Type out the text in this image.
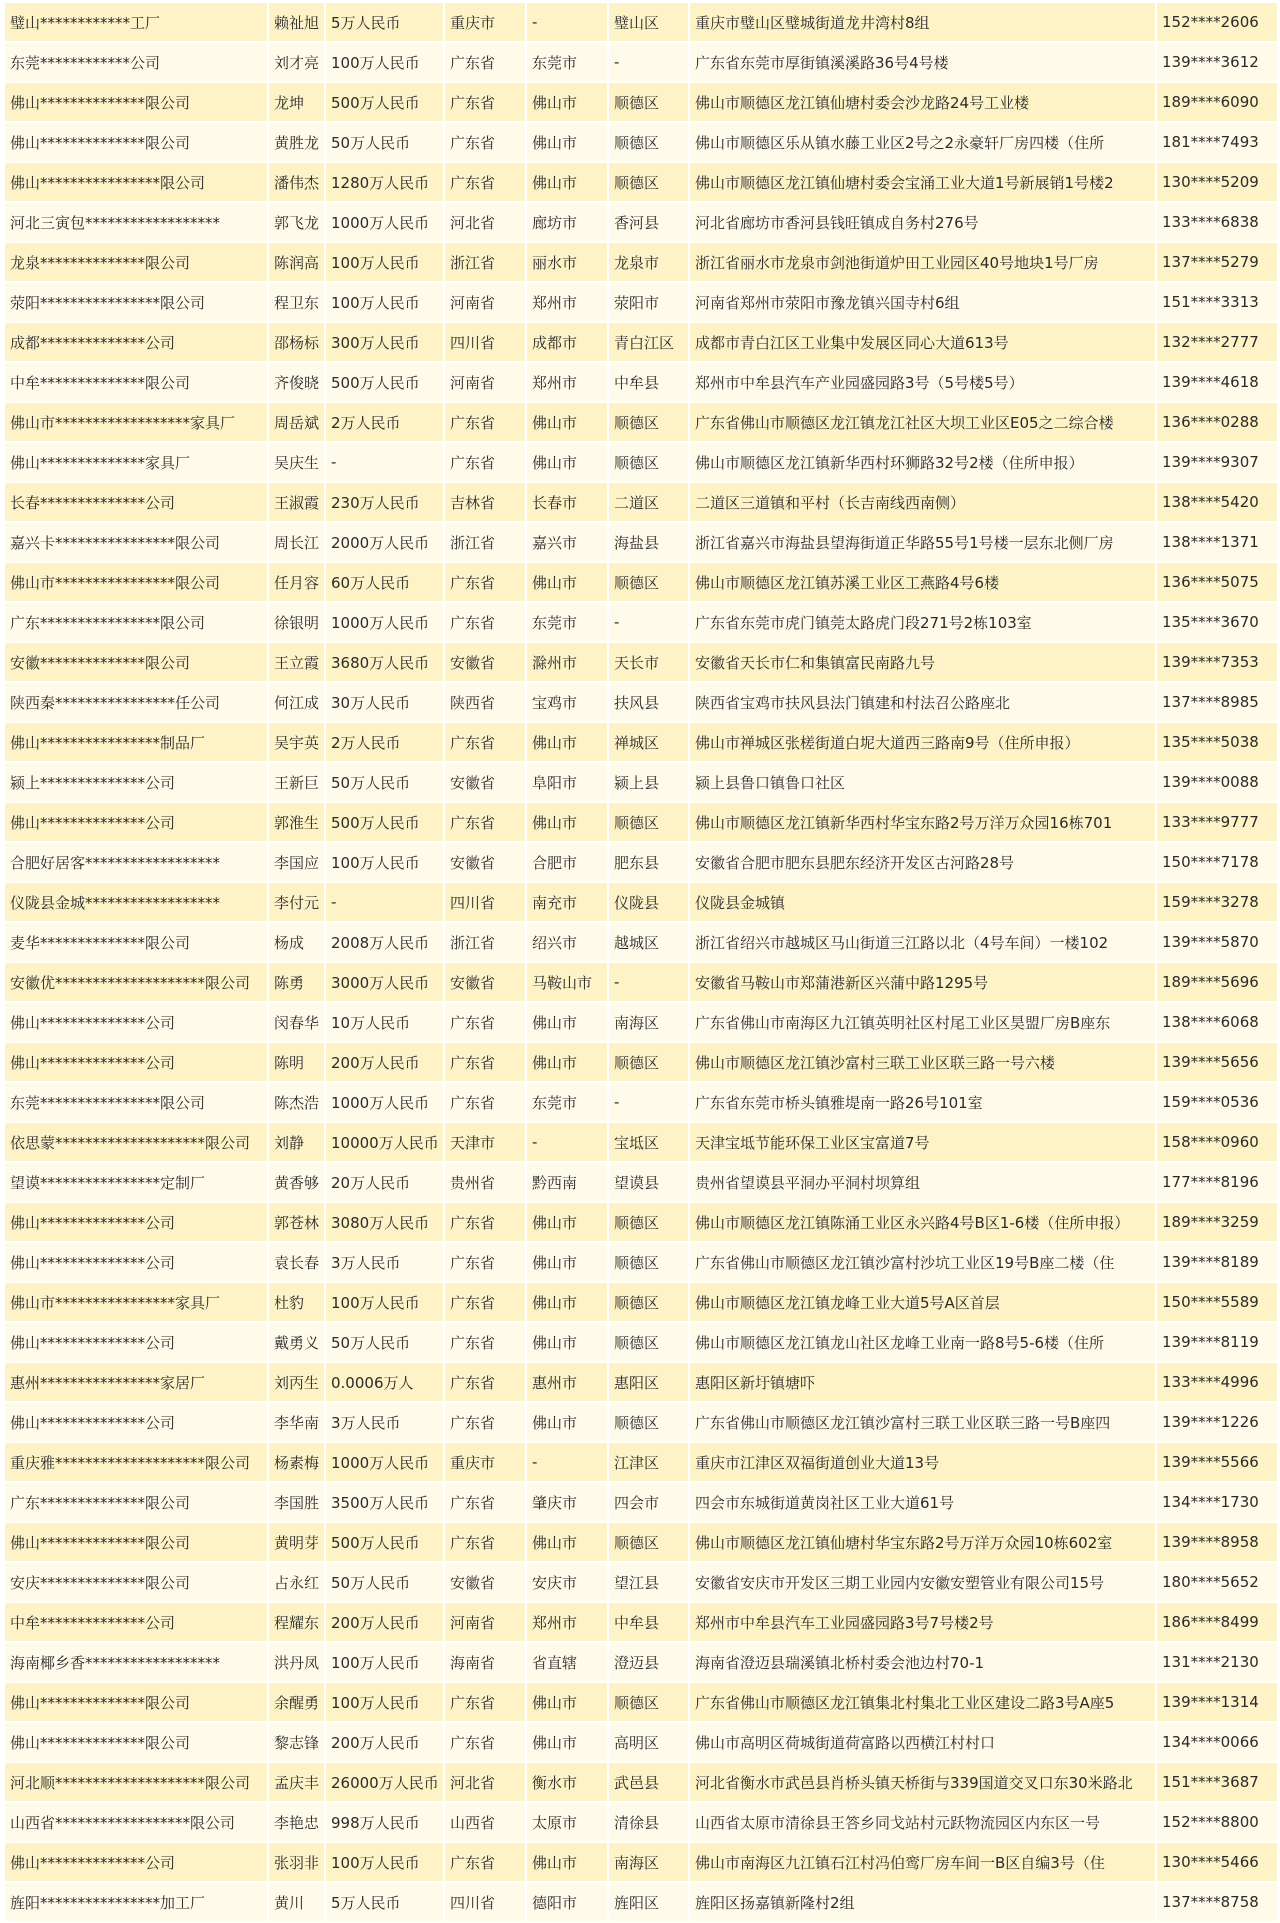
璧山************工厂	赖祉旭	5万人民币	重庆市	-	璧山区	重庆市璧山区璧城街道龙井湾村8组	152****2606
东莞************公司	刘才亮	100万人民币	广东省	东莞市	-	广东省东莞市厚街镇溪溪路36号4号楼	139****3612
佛山**************限公司	龙坤	500万人民币	广东省	佛山市	顺德区	佛山市顺德区龙江镇仙塘村委会沙龙路24号工业楼	189****6090
佛山**************限公司	黄胜龙	50万人民币	广东省	佛山市	顺德区	佛山市顺德区乐从镇水藤工业区2号之2永豪轩厂房四楼（住所	181****7493
佛山****************限公司	潘伟杰	1280万人民币	广东省	佛山市	顺德区	佛山市顺德区龙江镇仙塘村委会宝涌工业大道1号新展销1号楼2	130****5209
河北三寅包******************	郭飞龙	1000万人民币	河北省	廊坊市	香河县	河北省廊坊市香河县钱旺镇成自务村276号	133****6838
龙泉**************限公司	陈润高	100万人民币	浙江省	丽水市	龙泉市	浙江省丽水市龙泉市剑池街道炉田工业园区40号地块1号厂房	137****5279
荥阳****************限公司	程卫东	100万人民币	河南省	郑州市	荥阳市	河南省郑州市荥阳市豫龙镇兴国寺村6组	151****3313
成都**************公司	邵杨标	300万人民币	四川省	成都市	青白江区	成都市青白江区工业集中发展区同心大道613号	132****2777
中牟**************限公司	齐俊晓	500万人民币	河南省	郑州市	中牟县	郑州市中牟县汽车产业园盛园路3号（5号楼5号）	139****4618
佛山市******************家具厂	周岳斌	2万人民币	广东省	佛山市	顺德区	广东省佛山市顺德区龙江镇龙江社区大坝工业区E05之二综合楼	136****0288
佛山**************家具厂	吴庆生	-	广东省	佛山市	顺德区	佛山市顺德区龙江镇新华西村环狮路32号2楼（住所申报）	139****9307
长春**************公司	王淑霞	230万人民币	吉林省	长春市	二道区	二道区三道镇和平村（长吉南线西南侧）	138****5420
嘉兴卡****************限公司	周长江	2000万人民币	浙江省	嘉兴市	海盐县	浙江省嘉兴市海盐县望海街道正华路55号1号楼一层东北侧厂房	138****1371
佛山市****************限公司	任月容	60万人民币	广东省	佛山市	顺德区	佛山市顺德区龙江镇苏溪工业区工燕路4号6楼	136****5075
广东****************限公司	徐银明	1000万人民币	广东省	东莞市	-	广东省东莞市虎门镇莞太路虎门段271号2栋103室	135****3670
安徽**************限公司	王立霞	3680万人民币	安徽省	滁州市	天长市	安徽省天长市仁和集镇富民南路九号	139****7353
陕西秦****************任公司	何江成	30万人民币	陕西省	宝鸡市	扶风县	陕西省宝鸡市扶风县法门镇建和村法召公路座北	137****8985
佛山****************制品厂	吴宇英	2万人民币	广东省	佛山市	禅城区	佛山市禅城区张槎街道白坭大道西三路南9号（住所申报）	135****5038
颍上**************公司	王新巨	50万人民币	安徽省	阜阳市	颍上县	颍上县鲁口镇鲁口社区	139****0088
佛山**************公司	郭淮生	500万人民币	广东省	佛山市	顺德区	佛山市顺德区龙江镇新华西村华宝东路2号万洋万众园16栋701	133****9777
合肥好居客******************	李国应	100万人民币	安徽省	合肥市	肥东县	安徽省合肥市肥东县肥东经济开发区古河路28号	150****7178
仪陇县金城******************	李付元	-	四川省	南充市	仪陇县	仪陇县金城镇	159****3278
麦华**************限公司	杨成	2008万人民币	浙江省	绍兴市	越城区	浙江省绍兴市越城区马山街道三江路以北（4号车间）一楼102	139****5870
安徽优********************限公司	陈勇	3000万人民币	安徽省	马鞍山市	-	安徽省马鞍山市郑蒲港新区兴蒲中路1295号	189****5696
佛山**************公司	闵春华	10万人民币	广东省	佛山市	南海区	广东省佛山市南海区九江镇英明社区村尾工业区昊盟厂房B座东	138****6068
佛山**************公司	陈明	200万人民币	广东省	佛山市	顺德区	佛山市顺德区龙江镇沙富村三联工业区联三路一号六楼	139****5656
东莞****************限公司	陈杰浩	1000万人民币	广东省	东莞市	-	广东省东莞市桥头镇雅堤南一路26号101室	159****0536
依思蒙********************限公司	刘静	10000万人民币	天津市	-	宝坻区	天津宝坻节能环保工业区宝富道7号	158****0960
望谟****************定制厂	黄香够	20万人民币	贵州省	黔西南	望谟县	贵州省望谟县平洞办平洞村坝算组	177****8196
佛山**************公司	郭苍林	3080万人民币	广东省	佛山市	顺德区	佛山市顺德区龙江镇陈涌工业区永兴路4号B区1-6楼（住所申报）	189****3259
佛山**************公司	袁长春	3万人民币	广东省	佛山市	顺德区	广东省佛山市顺德区龙江镇沙富村沙坑工业区19号B座二楼（住	139****8189
佛山市****************家具厂	杜豹	100万人民币	广东省	佛山市	顺德区	佛山市顺德区龙江镇龙峰工业大道5号A区首层	150****5589
佛山**************公司	戴勇义	50万人民币	广东省	佛山市	顺德区	佛山市顺德区龙江镇龙山社区龙峰工业南一路8号5-6楼（住所	139****8119
惠州****************家居厂	刘丙生	0.0006万人	广东省	惠州市	惠阳区	惠阳区新圩镇塘吓	133****4996
佛山**************公司	李华南	3万人民币	广东省	佛山市	顺德区	广东省佛山市顺德区龙江镇沙富村三联工业区联三路一号B座四	139****1226
重庆雅********************限公司	杨素梅	1000万人民币	重庆市	-	江津区	重庆市江津区双福街道创业大道13号	139****5566
广东**************限公司	李国胜	3500万人民币	广东省	肇庆市	四会市	四会市东城街道黄岗社区工业大道61号	134****1730
佛山**************限公司	黄明芽	500万人民币	广东省	佛山市	顺德区	佛山市顺德区龙江镇仙塘村华宝东路2号万洋万众园10栋602室	139****8958
安庆**************限公司	占永红	50万人民币	安徽省	安庆市	望江县	安徽省安庆市开发区三期工业园内安徽安塑管业有限公司15号	180****5652
中牟**************公司	程耀东	200万人民币	河南省	郑州市	中牟县	郑州市中牟县汽车工业园盛园路3号7号楼2号	186****8499
海南椰乡香******************	洪丹凤	100万人民币	海南省	省直辖	澄迈县	海南省澄迈县瑞溪镇北桥村委会池边村70-1	131****2130
佛山**************限公司	余醒勇	100万人民币	广东省	佛山市	顺德区	广东省佛山市顺德区龙江镇集北村集北工业区建设二路3号A座5	139****1314
佛山**************限公司	黎志锋	200万人民币	广东省	佛山市	高明区	佛山市高明区荷城街道荷富路以西横江村村口	134****0066
河北顺********************限公司	孟庆丰	26000万人民币	河北省	衡水市	武邑县	河北省衡水市武邑县肖桥头镇天桥街与339国道交叉口东30米路北	151****3687
山西省******************限公司	李艳忠	998万人民币	山西省	太原市	清徐县	山西省太原市清徐县王答乡同戈站村元跃物流园区内东区一号	152****8800
佛山**************公司	张羽非	100万人民币	广东省	佛山市	南海区	佛山市南海区九江镇石江村冯伯鸾厂房车间一B区自编3号（住	130****5466
旌阳****************加工厂	黄川	5万人民币	四川省	德阳市	旌阳区	旌阳区扬嘉镇新隆村2组	137****8758
